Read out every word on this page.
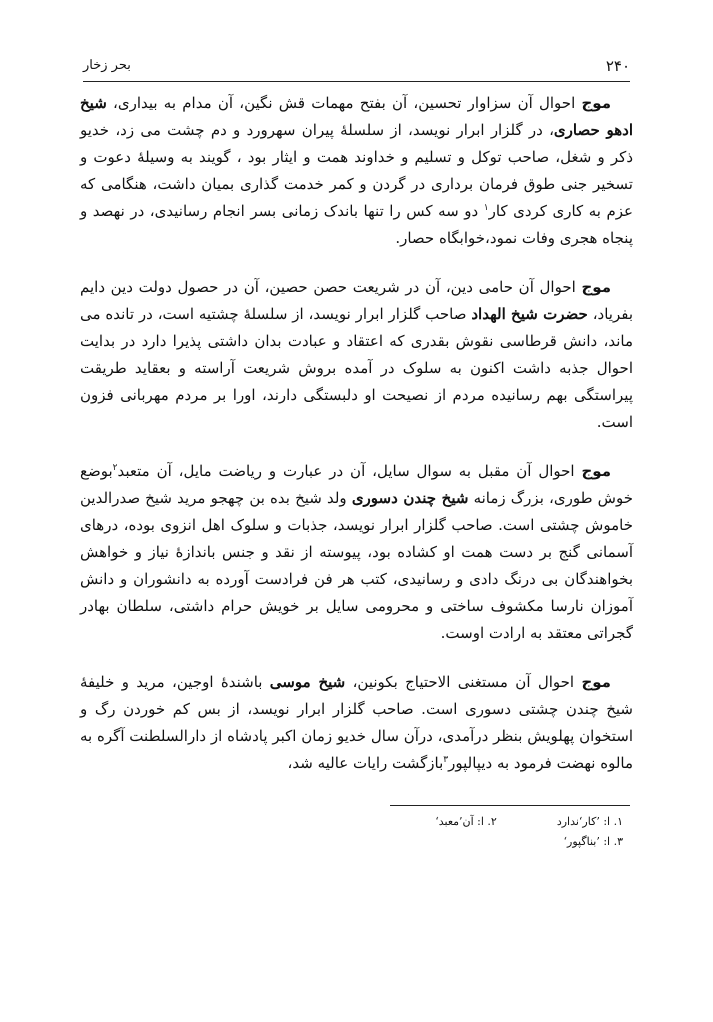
۲۴۰
بحر زخار

موج احوال آن سزاوار تحسین، آن بفتح مهمات قش نگین، آن مدام به بیداری، شیخ ادهو حصاری، در گلزار ابرار نویسد، از سلسلهٔ پیران سهرورد و دم چشت می زد، خدیو ذکر و شغل، صاحب توکل و تسلیم و خداوند همت و ایثار بود ، گویند به وسیلهٔ دعوت و تسخیر جنی طوق فرمان برداری در گردن و کمر خدمت گذاری بمیان داشت، هنگامی که عزم به کاری کردی کار$^۱$ دو سه کس را تنها باندک زمانی بسر انجام رسانیدی، در نهصد و پنجاه هجری وفات نمود،خوابگاه حصار.

موج احوال آن حامی دین، آن در شریعت حصن حصین، آن در حصول دولت دین دایم بفریاد، حضرت شیخ الهداد صاحب گلزار ابرار نویسد، از سلسلهٔ چشتیه است، در تانده می ماند، دانش قرطاسی نقوش بقدری که اعتقاد و عبادت بدان داشتی پذیرا دارد در بدایت احوال جذبه داشت اکنون به سلوک در آمده بروش شریعت آراسته و بعقاید طریقت پیراستگی بهم رسانیده مردم از نصیحت او دلبستگی دارند، اورا بر مردم مهربانی فزون است.

موج احوال آن مقبل به سوال سایل، آن در عبارت و ریاضت مایل، آن متعبد$^۲$بوضع خوش طوری، بزرگ زمانه شیخ چندن دسوری ولد شیخ بده بن چهجو مرید شیخ صدرالدین خاموش چشتی است. صاحب گلزار ابرار نویسد، جذبات و سلوک اهل انزوی بوده، درهای آسمانی گنج بر دست همت او کشاده بود، پیوسته از نقد و جنس باندازهٔ نیاز و خواهش بخواهندگان بی درنگ دادی و رسانیدی، کتب هر فن فرادست آورده به دانشوران و دانش آموزان نارسا مکشوف ساختی و محرومی سایل بر خویش حرام داشتی، سلطان بهادر گجراتی معتقد به ارادت اوست.

موج احوال آن مستغنی الاحتیاج بکونین، شیخ موسی باشندهٔ اوجین، مرید و خلیفهٔ شیخ چندن چشتی دسوری است. صاحب گلزار ابرار نویسد، از بس کم خوردن رگ و استخوان پهلویش بنظر درآمدی، درآن سال خدیو زمان اکبر پادشاه از دارالسلطنت آگره به مالوه نهضت فرمود به دیپالپور$^۳$بازگشت رایات عالیه شد،

۱. ا: ’کار‘ندارد
۲. ا: آن’معبد‘
۳. ا: ’بناگپور‘
